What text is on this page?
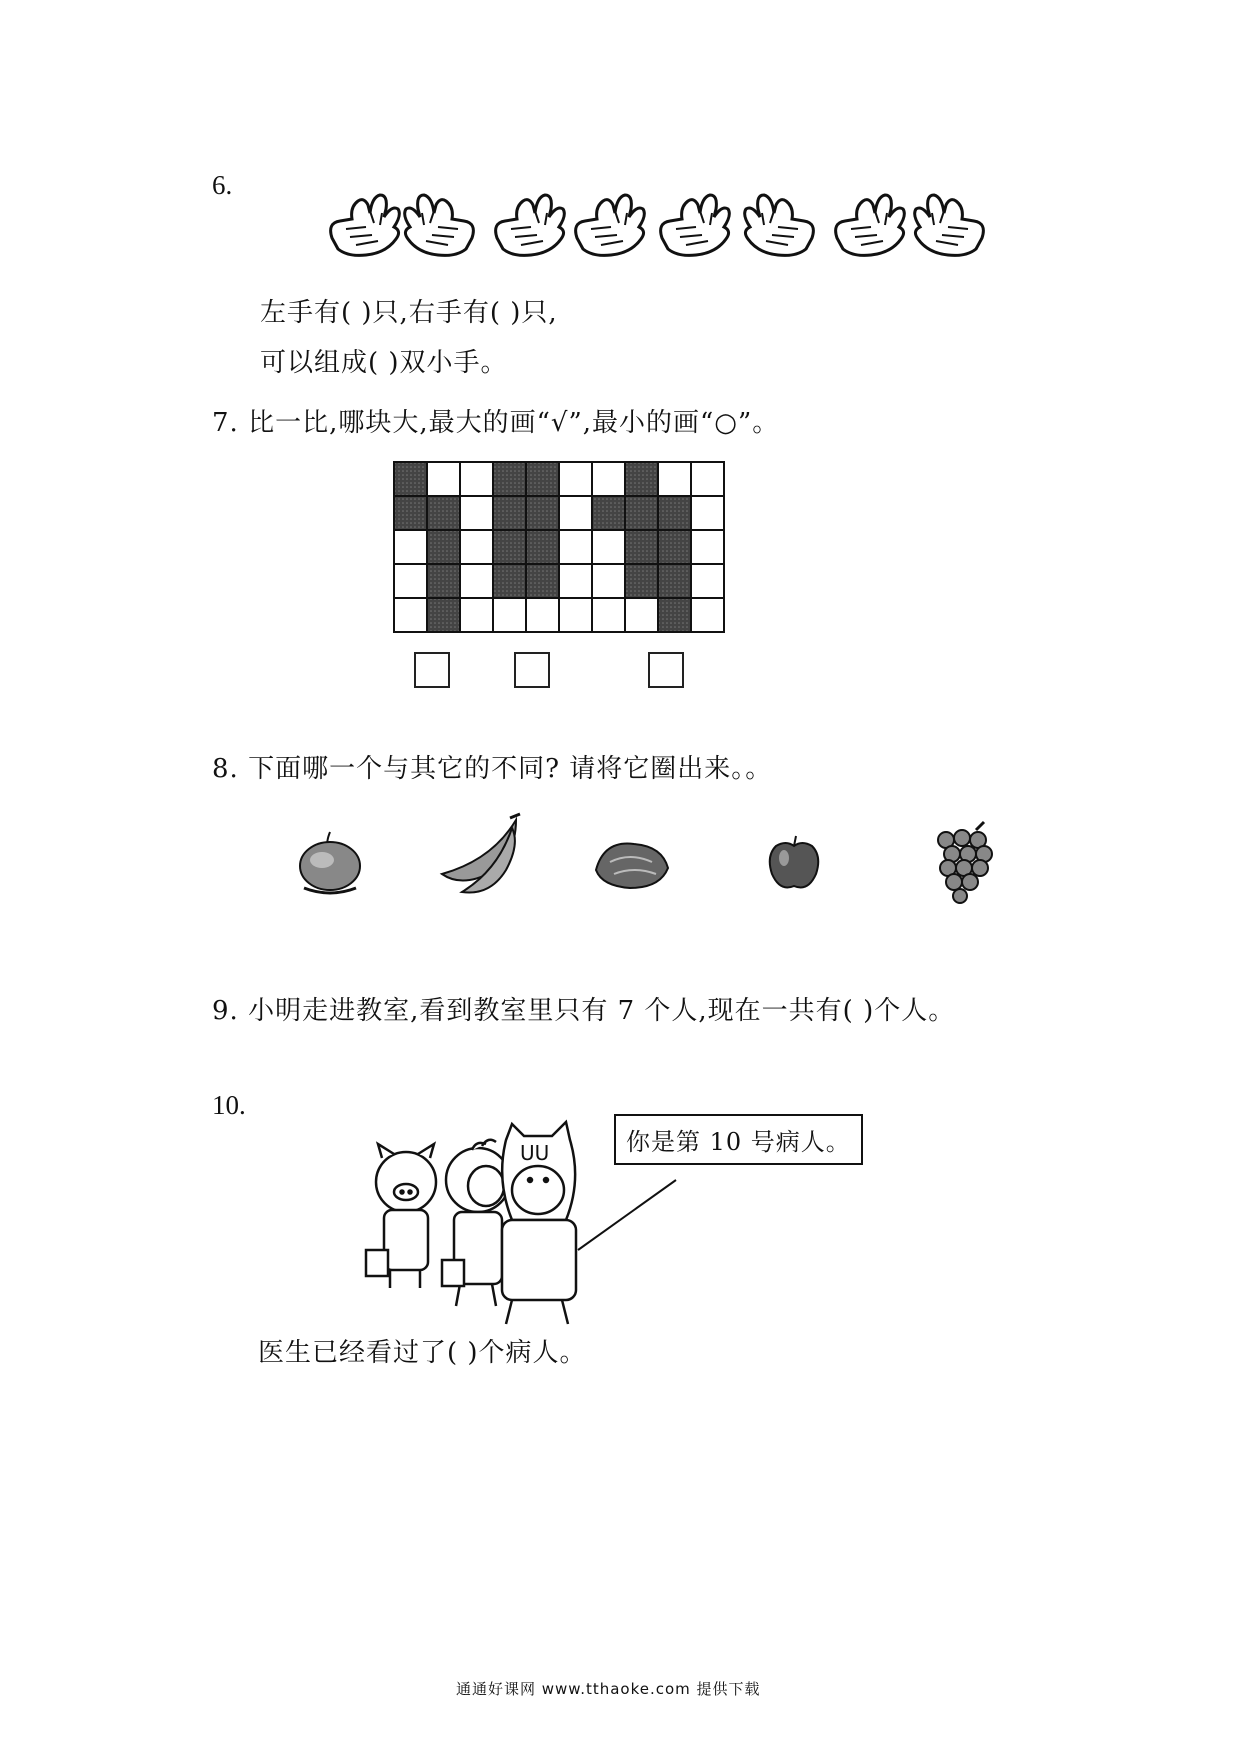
6.
左手有( )只,右手有( )只,
可以组成( )双小手。
7. 比一比,哪块大,最大的画“√”,最小的画“○”。
8. 下面哪一个与其它的不同? 请将它圈出来。。
9. 小明走进教室,看到教室里只有 7 个人,现在一共有( )个人。
10.
UU	你是第 10 号病人。
医生已经看过了( )个病人。
通通好课网 www.tthaoke.com 提供下载
